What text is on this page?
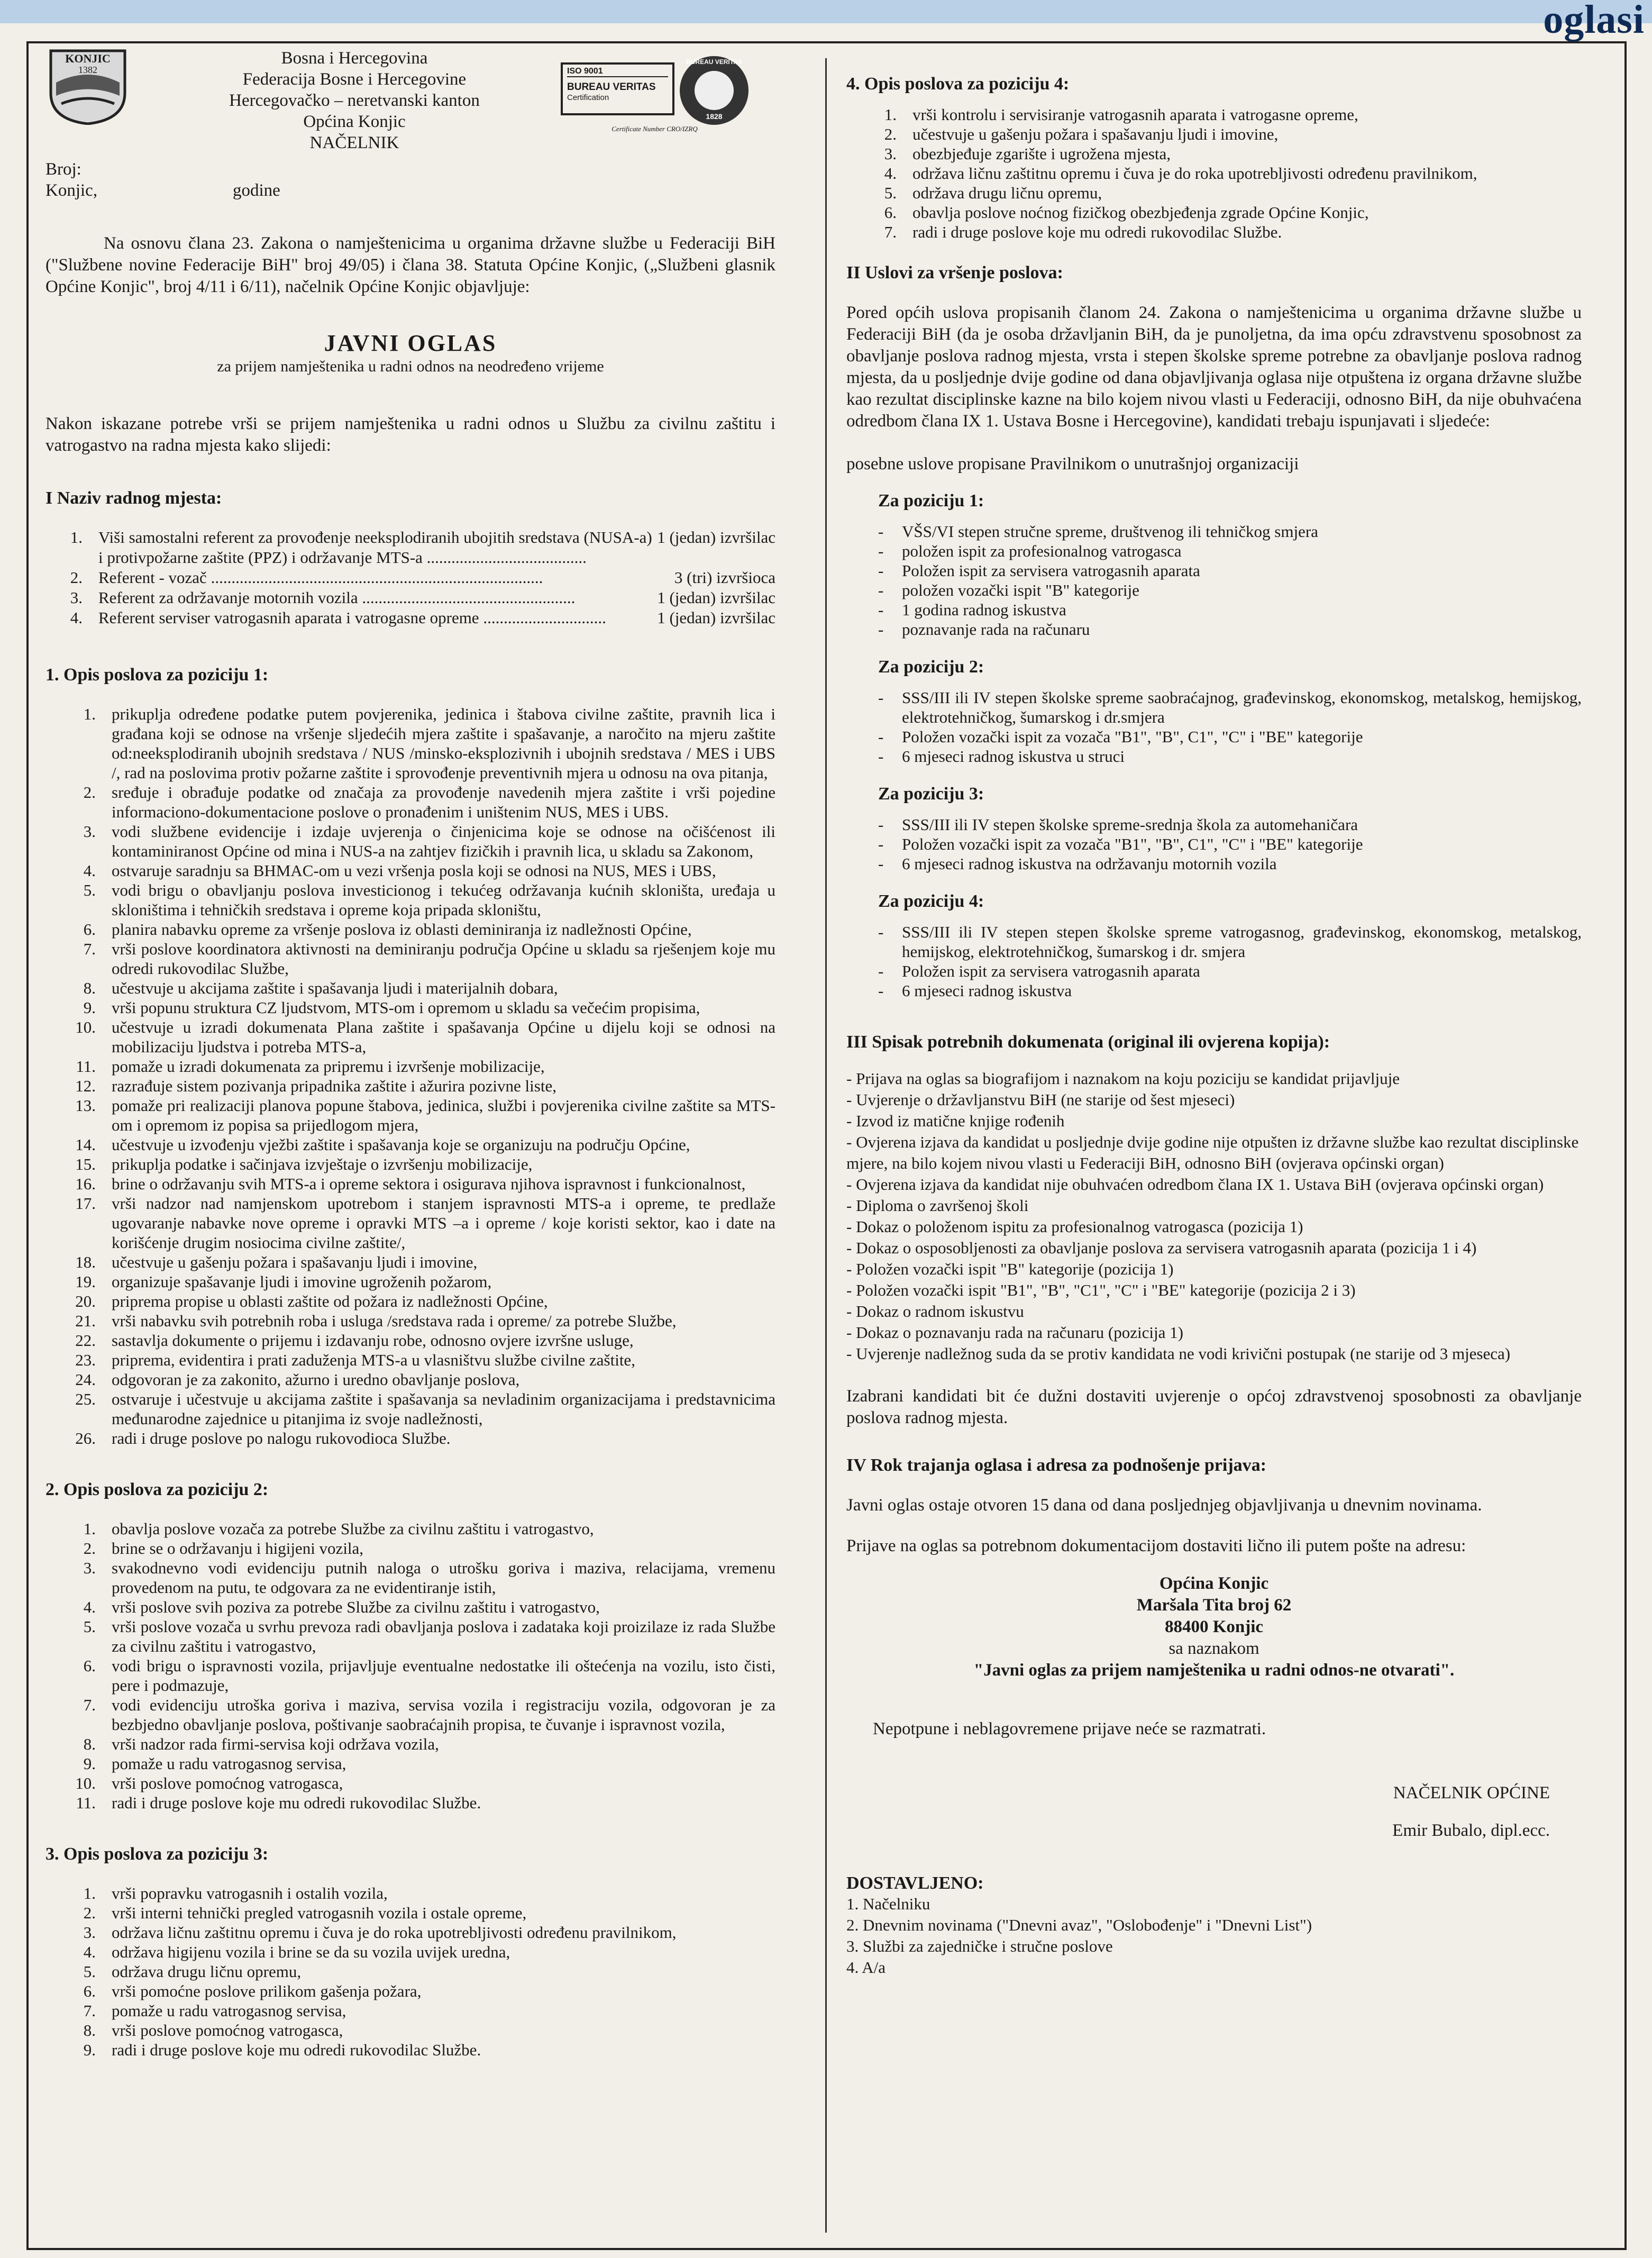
oglasi
KONJIC
1382
Bosna i Hercegovina
Federacija Bosne i Hercegovine
Hercegovačko – neretvanski kanton
Općina Konjic
NAČELNIK
ISO 9001
BUREAU VERITAS
Certification
BUREAU VERITAS
1828
Certificate Number CRO/IZRQ
Broj:
Konjic,	godine
Na osnovu člana 23. Zakona o namještenicima u organima državne službe u Federaciji BiH ("Službene novine Federacije BiH" broj 49/05) i člana 38. Statuta Općine Konjic, („Službeni glasnik Općine Konjic", broj 4/11 i 6/11), načelnik Općine Konjic objavljuje:
JAVNI OGLAS
za prijem namještenika u radni odnos na neodređeno vrijeme
Nakon iskazane potrebe vrši se prijem namještenika u radni odnos u Službu za civilnu zaštitu i vatrogastvo na radna mjesta kako slijedi:
I Naziv radnog mjesta:
1. Viši samostalni referent za provođenje neeksplodiranih ubojitih sredstava (NUSA-a) i protivpožarne zaštite (PPZ) i održavanje MTS-a .......................................
1 (jedan) izvršilac
2. Referent - vozač .................................................................................	3 (tri) izvršioca
3. Referent za održavanje motornih vozila ....................................................	1 (jedan) izvršilac
4. Referent serviser vatrogasnih aparata i vatrogasne opreme ..............................	1 (jedan) izvršilac
1. Opis poslova za poziciju 1:
1. prikuplja određene podatke putem povjerenika, jedinica i štabova civilne zaštite, pravnih lica i građana koji se odnose na vršenje sljedećih mjera zaštite i spašavanje, a naročito na mjeru zaštite od:neeksplodiranih ubojnih sredstava / NUS /minsko-eksplozivnih i ubojnih sredstava / MES i UBS /, rad na poslovima protiv požarne zaštite i sprovođenje preventivnih mjera u odnosu na ova pitanja,
2. sređuje i obrađuje podatke od značaja za provođenje navedenih mjera zaštite i vrši pojedine informaciono-dokumentacione poslove o pronađenim i uništenim NUS, MES i UBS.
3. vodi službene evidencije i izdaje uvjerenja o činjenicima koje se odnose na očišćenost ili kontaminiranost Općine od mina i NUS-a na zahtjev fizičkih i pravnih lica, u skladu sa Zakonom,
4. ostvaruje saradnju sa BHMAC-om u vezi vršenja posla koji se odnosi na NUS, MES i UBS,
5. vodi brigu o obavljanju poslova investicionog i tekućeg održavanja kućnih skloništa, uređaja u skloništima i tehničkih sredstava i opreme koja pripada skloništu,
6. planira nabavku opreme za vršenje poslova iz oblasti deminiranja iz nadležnosti Općine,
7. vrši poslove koordinatora aktivnosti na deminiranju područja Općine u skladu sa rješenjem koje mu odredi rukovodilac Službe,
8. učestvuje u akcijama zaštite i spašavanja ljudi i materijalnih dobara,
9. vrši popunu struktura CZ ljudstvom, MTS-om i opremom u skladu sa večećim propisima,
10. učestvuje u izradi dokumenata Plana zaštite i spašavanja Općine u dijelu koji se odnosi na mobilizaciju ljudstva i potreba MTS-a,
11. pomaže u izradi dokumenata za pripremu i izvršenje mobilizacije,
12. razrađuje sistem pozivanja pripadnika zaštite i ažurira pozivne liste,
13. pomaže pri realizaciji planova popune štabova, jedinica, službi i povjerenika civilne zaštite sa MTS-om i opremom iz popisa sa prijedlogom mjera,
14. učestvuje u izvođenju vježbi zaštite i spašavanja koje se organizuju na području Općine,
15. prikuplja podatke i sačinjava izvještaje o izvršenju mobilizacije,
16. brine o održavanju svih MTS-a i opreme sektora i osigurava njihova ispravnost i funkcionalnost,
17. vrši nadzor nad namjenskom upotrebom i stanjem ispravnosti MTS-a i opreme, te predlaže ugovaranje nabavke nove opreme i opravki MTS –a i opreme / koje koristi sektor, kao i date na korišćenje drugim nosiocima civilne zaštite/,
18. učestvuje u gašenju požara i spašavanju ljudi i imovine,
19. organizuje spašavanje ljudi i imovine ugroženih požarom,
20. priprema propise u oblasti zaštite od požara iz nadležnosti Općine,
21. vrši nabavku svih potrebnih roba i usluga /sredstava rada i opreme/ za potrebe Službe,
22. sastavlja dokumente o prijemu i izdavanju robe, odnosno ovjere izvršne usluge,
23. priprema, evidentira i prati zaduženja MTS-a u vlasništvu službe civilne zaštite,
24. odgovoran je za zakonito, ažurno i uredno obavljanje poslova,
25. ostvaruje i učestvuje u akcijama zaštite i spašavanja sa nevladinim organizacijama i predstavnicima međunarodne zajednice u pitanjima iz svoje nadležnosti,
26. radi i druge poslove po nalogu rukovodioca Službe.
2. Opis poslova za poziciju 2:
1. obavlja poslove vozača za potrebe Službe za civilnu zaštitu i vatrogastvo,
2. brine se o održavanju i higijeni vozila,
3. svakodnevno vodi evidenciju putnih naloga o utrošku goriva i maziva, relacijama, vremenu provedenom na putu, te odgovara za ne evidentiranje istih,
4. vrši poslove svih poziva za potrebe Službe za civilnu zaštitu i vatrogastvo,
5. vrši poslove vozača u svrhu prevoza radi obavljanja poslova i zadataka koji proizilaze iz rada Službe za civilnu zaštitu i vatrogastvo,
6. vodi brigu o ispravnosti vozila, prijavljuje eventualne nedostatke ili oštećenja na vozilu, isto čisti, pere i podmazuje,
7. vodi evidenciju utroška goriva i maziva, servisa vozila i registraciju vozila, odgovoran je za bezbjedno obavljanje poslova, poštivanje saobraćajnih propisa, te čuvanje i ispravnost vozila,
8. vrši nadzor rada firmi-servisa koji održava vozila,
9. pomaže u radu vatrogasnog servisa,
10. vrši poslove pomoćnog vatrogasca,
11. radi i druge poslove koje mu odredi rukovodilac Službe.
3. Opis poslova za poziciju 3:
1. vrši popravku vatrogasnih i ostalih vozila,
2. vrši interni tehnički pregled vatrogasnih vozila i ostale opreme,
3. održava ličnu zaštitnu opremu i čuva je do roka upotrebljivosti određenu pravilnikom,
4. održava higijenu vozila i brine se da su vozila uvijek uredna,
5. održava drugu ličnu opremu,
6. vrši pomoćne poslove prilikom gašenja požara,
7. pomaže u radu vatrogasnog servisa,
8. vrši poslove pomoćnog vatrogasca,
9. radi i druge poslove koje mu odredi rukovodilac Službe.
4. Opis poslova za poziciju 4:
1. vrši kontrolu i servisiranje vatrogasnih aparata i vatrogasne opreme,
2. učestvuje u gašenju požara i spašavanju ljudi i imovine,
3. obezbjeđuje zgarište i ugrožena mjesta,
4. održava ličnu zaštitnu opremu i čuva je do roka upotrebljivosti određenu pravilnikom,
5. održava drugu ličnu opremu,
6. obavlja poslove noćnog fizičkog obezbjeđenja zgrade Općine Konjic,
7. radi i druge poslove koje mu odredi rukovodilac Službe.
II Uslovi za vršenje poslova:
Pored općih uslova propisanih članom 24. Zakona o namještenicima u organima državne službe u Federaciji BiH (da je osoba državljanin BiH, da je punoljetna, da ima opću zdravstvenu sposobnost za obavljanje poslova radnog mjesta, vrsta i stepen školske spreme potrebne za obavljanje poslova radnog mjesta, da u posljednje dvije godine od dana objavljivanja oglasa nije otpuštena iz organa državne službe kao rezultat disciplinske kazne na bilo kojem nivou vlasti u Federaciji, odnosno BiH, da nije obuhvaćena odredbom člana IX 1. Ustava Bosne i Hercegovine), kandidati trebaju ispunjavati i sljedeće:
posebne uslove propisane Pravilnikom o unutrašnjoj organizaciji
Za poziciju 1:
-	VŠS/VI stepen stručne spreme, društvenog ili tehničkog smjera
-	položen ispit za profesionalnog vatrogasca
-	Položen ispit za servisera vatrogasnih aparata
-	položen vozački ispit "B" kategorije
-	1 godina radnog iskustva
-	poznavanje rada na računaru
Za poziciju 2:
-	SSS/III ili IV stepen školske spreme saobraćajnog, građevinskog, ekonomskog, metalskog, hemijskog, elektrotehničkog, šumarskog i dr.smjera
-	Položen vozački ispit za vozača "B1", "B", C1", "C" i "BE" kategorije
-	6 mjeseci radnog iskustva u struci
Za poziciju 3:
-	SSS/III ili IV stepen školske spreme-srednja škola za automehaničara
-	Položen vozački ispit za vozača "B1", "B", C1", "C" i "BE" kategorije
-	6 mjeseci radnog iskustva na održavanju motornih vozila
Za poziciju 4:
-	SSS/III ili IV stepen stepen školske spreme vatrogasnog, građevinskog, ekonomskog, metalskog, hemijskog, elektrotehničkog, šumarskog i dr. smjera
-	Položen ispit za servisera vatrogasnih aparata
-	6 mjeseci radnog iskustva
III Spisak potrebnih dokumenata (original ili ovjerena kopija):
- Prijava na oglas sa biografijom i naznakom na koju poziciju se kandidat prijavljuje
- Uvjerenje o državljanstvu BiH (ne starije od šest mjeseci)
- Izvod iz matične knjige rođenih
- Ovjerena izjava da kandidat u posljednje dvije godine nije otpušten iz državne službe kao rezultat disciplinske mjere, na bilo kojem nivou vlasti u Federaciji BiH, odnosno BiH (ovjerava općinski organ)
- Ovjerena izjava da kandidat nije obuhvaćen odredbom člana IX 1. Ustava BiH (ovjerava općinski organ)
- Diploma o završenoj školi
- Dokaz o položenom ispitu za profesionalnog vatrogasca (pozicija 1)
- Dokaz o osposobljenosti za obavljanje poslova za servisera vatrogasnih aparata (pozicija 1 i 4)
- Položen vozački ispit "B" kategorije (pozicija 1)
- Položen vozački ispit "B1", "B", "C1", "C" i "BE" kategorije (pozicija 2 i 3)
- Dokaz o radnom iskustvu
- Dokaz o poznavanju rada na računaru (pozicija 1)
- Uvjerenje nadležnog suda da se protiv kandidata ne vodi krivični postupak (ne starije od 3 mjeseca)
Izabrani kandidati bit će dužni dostaviti uvjerenje o općoj zdravstvenoj sposobnosti za obavljanje poslova radnog mjesta.
IV Rok trajanja oglasa i adresa za podnošenje prijava:
Javni oglas ostaje otvoren 15 dana od dana posljednjeg objavljivanja u dnevnim novinama.
Prijave na oglas sa potrebnom dokumentacijom dostaviti lično ili putem pošte na adresu:
Općina Konjic
Maršala Tita broj 62
88400 Konjic
sa naznakom
"Javni oglas za prijem namještenika u radni odnos-ne otvarati".
Nepotpune i neblagovremene prijave neće se razmatrati.
NAČELNIK OPĆINE
Emir Bubalo, dipl.ecc.
DOSTAVLJENO:
1. Načelniku
2. Dnevnim novinama ("Dnevni avaz", "Oslobođenje" i "Dnevni List")
3. Službi za zajedničke i stručne poslove
4. A/a
